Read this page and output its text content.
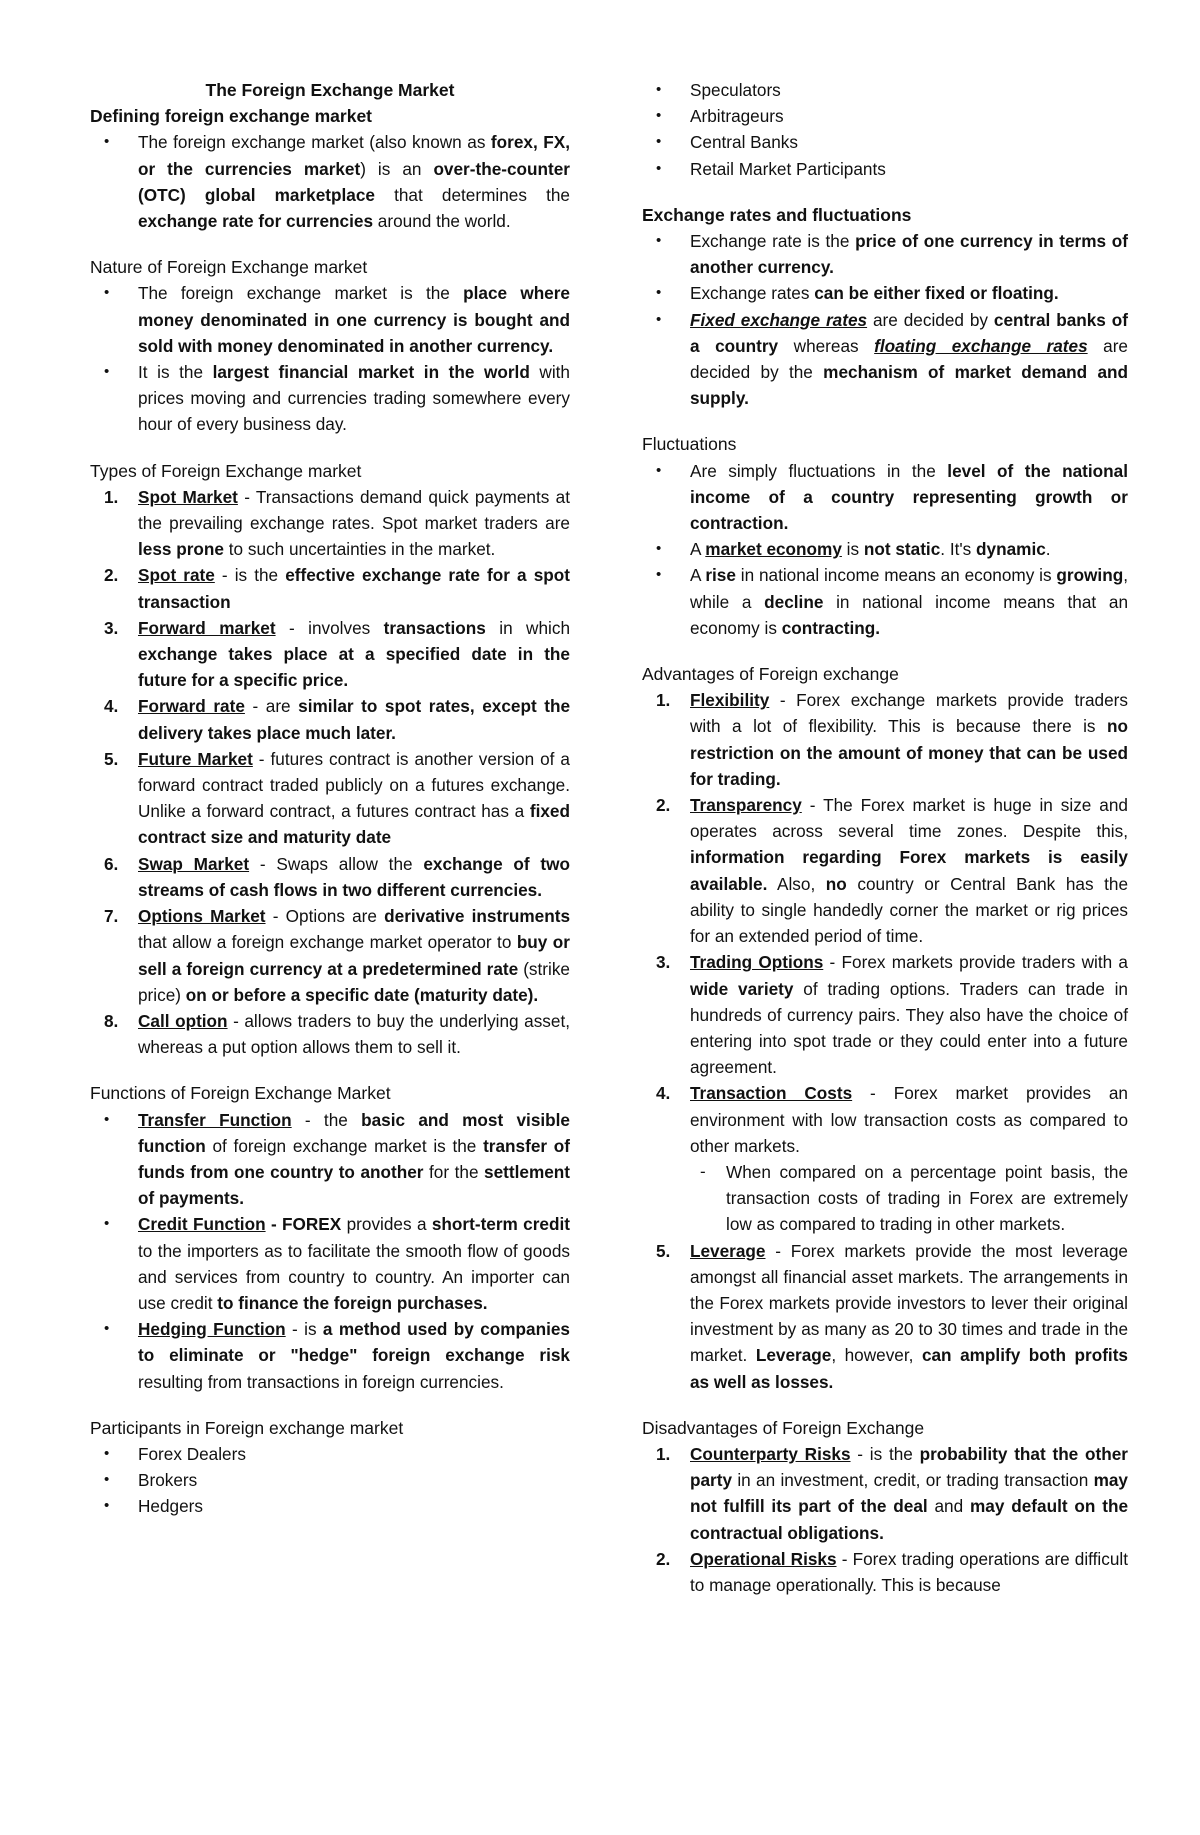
The Foreign Exchange Market

Defining foreign exchange market
• The foreign exchange market (also known as forex, FX, or the currencies market) is an over-the-counter (OTC) global marketplace that determines the exchange rate for currencies around the world.
Nature of Foreign Exchange market
• The foreign exchange market is the place where money denominated in one currency is bought and sold with money denominated in another currency.
• It is the largest financial market in the world with prices moving and currencies trading somewhere every hour of every business day.
Types of Foreign Exchange market
1. Spot Market - Transactions demand quick payments at the prevailing exchange rates. Spot market traders are less prone to such uncertainties in the market.
2. Spot rate - is the effective exchange rate for a spot transaction
3. Forward market - involves transactions in which exchange takes place at a specified date in the future for a specific price.
4. Forward rate - are similar to spot rates, except the delivery takes place much later.
5. Future Market - futures contract is another version of a forward contract traded publicly on a futures exchange. Unlike a forward contract, a futures contract has a fixed contract size and maturity date
6. Swap Market - Swaps allow the exchange of two streams of cash flows in two different currencies.
7. Options Market - Options are derivative instruments that allow a foreign exchange market operator to buy or sell a foreign currency at a predetermined rate (strike price) on or before a specific date (maturity date).
8. Call option - allows traders to buy the underlying asset, whereas a put option allows them to sell it.
Functions of Foreign Exchange Market
• Transfer Function - the basic and most visible function of foreign exchange market is the transfer of funds from one country to another for the settlement of payments.
• Credit Function - FOREX provides a short-term credit to the importers as to facilitate the smooth flow of goods and services from country to country. An importer can use credit to finance the foreign purchases.
• Hedging Function - is a method used by companies to eliminate or "hedge" foreign exchange risk resulting from transactions in foreign currencies.
Participants in Foreign exchange market
• Forex Dealers
• Brokers
• Hedgers
• Speculators
• Arbitrageurs
• Central Banks
• Retail Market Participants
Exchange rates and fluctuations
• Exchange rate is the price of one currency in terms of another currency.
• Exchange rates can be either fixed or floating.
• Fixed exchange rates are decided by central banks of a country whereas floating exchange rates are decided by the mechanism of market demand and supply.
Fluctuations
• Are simply fluctuations in the level of the national income of a country representing growth or contraction.
• A market economy is not static. It's dynamic.
• A rise in national income means an economy is growing, while a decline in national income means that an economy is contracting.
Advantages of Foreign exchange
1. Flexibility - Forex exchange markets provide traders with a lot of flexibility. This is because there is no restriction on the amount of money that can be used for trading.
2. Transparency - The Forex market is huge in size and operates across several time zones. Despite this, information regarding Forex markets is easily available. Also, no country or Central Bank has the ability to single handedly corner the market or rig prices for an extended period of time.
3. Trading Options - Forex markets provide traders with a wide variety of trading options. Traders can trade in hundreds of currency pairs. They also have the choice of entering into spot trade or they could enter into a future agreement.
4. Transaction Costs - Forex market provides an environment with low transaction costs as compared to other markets.
- When compared on a percentage point basis, the transaction costs of trading in Forex are extremely low as compared to trading in other markets.
5. Leverage - Forex markets provide the most leverage amongst all financial asset markets. The arrangements in the Forex markets provide investors to lever their original investment by as many as 20 to 30 times and trade in the market. Leverage, however, can amplify both profits as well as losses.
Disadvantages of Foreign Exchange
1. Counterparty Risks - is the probability that the other party in an investment, credit, or trading transaction may not fulfill its part of the deal and may default on the contractual obligations.
2. Operational Risks - Forex trading operations are difficult to manage operationally. This is because
